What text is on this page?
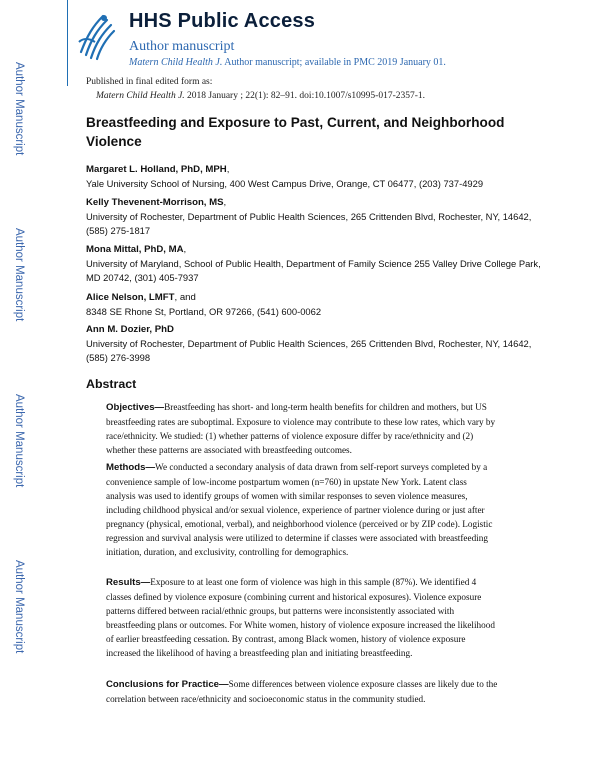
Author Manuscript
Author Manuscript
Author Manuscript
Author Manuscript
HHS Public Access
Author manuscript
Matern Child Health J. Author manuscript; available in PMC 2019 January 01.
Published in final edited form as:
Matern Child Health J. 2018 January ; 22(1): 82–91. doi:10.1007/s10995-017-2357-1.
Breastfeeding and Exposure to Past, Current, and Neighborhood Violence
Margaret L. Holland, PhD, MPH,
Yale University School of Nursing, 400 West Campus Drive, Orange, CT 06477, (203) 737-4929
Kelly Thevenent-Morrison, MS,
University of Rochester, Department of Public Health Sciences, 265 Crittenden Blvd, Rochester, NY, 14642, (585) 275-1817
Mona Mittal, PhD, MA,
University of Maryland, School of Public Health, Department of Family Science 255 Valley Drive College Park, MD 20742, (301) 405-7937
Alice Nelson, LMFT, and
8348 SE Rhone St, Portland, OR 97266, (541) 600-0062
Ann M. Dozier, PhD
University of Rochester, Department of Public Health Sciences, 265 Crittenden Blvd, Rochester, NY, 14642, (585) 276-3998
Abstract
Objectives—Breastfeeding has short- and long-term health benefits for children and mothers, but US breastfeeding rates are suboptimal. Exposure to violence may contribute to these low rates, which vary by race/ethnicity. We studied: (1) whether patterns of violence exposure differ by race/ethnicity and (2) whether these patterns are associated with breastfeeding outcomes.
Methods—We conducted a secondary analysis of data drawn from self-report surveys completed by a convenience sample of low-income postpartum women (n=760) in upstate New York. Latent class analysis was used to identify groups of women with similar responses to seven violence measures, including childhood physical and/or sexual violence, experience of partner violence during or just after pregnancy (physical, emotional, verbal), and neighborhood violence (perceived or by ZIP code). Logistic regression and survival analysis were utilized to determine if classes were associated with breastfeeding initiation, duration, and exclusivity, controlling for demographics.
Results—Exposure to at least one form of violence was high in this sample (87%). We identified 4 classes defined by violence exposure (combining current and historical exposures). Violence exposure patterns differed between racial/ethnic groups, but patterns were inconsistently associated with breastfeeding plans or outcomes. For White women, history of violence exposure increased the likelihood of earlier breastfeeding cessation. By contrast, among Black women, history of violence exposure increased the likelihood of having a breastfeeding plan and initiating breastfeeding.
Conclusions for Practice—Some differences between violence exposure classes are likely due to the correlation between race/ethnicity and socioeconomic status in the community studied.
